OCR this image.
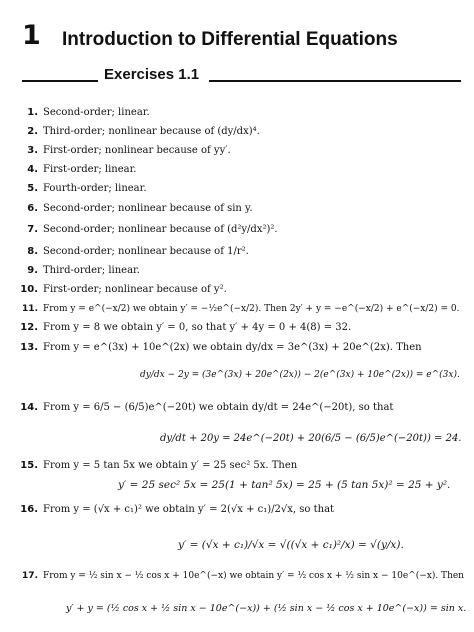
1 Introduction to Differential Equations
Exercises 1.1
1. Second-order; linear.
2. Third-order; nonlinear because of (dy/dx)⁴.
3. First-order; nonlinear because of yy′.
4. First-order; linear.
5. Fourth-order; linear.
6. Second-order; nonlinear because of sin y.
7. Second-order; nonlinear because of (d²y/dx²)².
8. Second-order; nonlinear because of 1/r².
9. Third-order; linear.
10. First-order; nonlinear because of y².
11. From y = e^(−x/2) we obtain y′ = −½e^(−x/2). Then 2y′ + y = −e^(−x/2) + e^(−x/2) = 0.
12. From y = 8 we obtain y′ = 0, so that y′ + 4y = 0 + 4(8) = 32.
13. From y = e^(3x) + 10e^(2x) we obtain dy/dx = 3e^(3x) + 20e^(2x). Then
dy/dx − 2y = (3e^(3x) + 20e^(2x)) − 2(e^(3x) + 10e^(2x)) = e^(3x).
14. From y = 6/5 − (6/5)e^(−20t) we obtain dy/dt = 24e^(−20t), so that
dy/dt + 20y = 24e^(−20t) + 20(6/5 − (6/5)e^(−20t)) = 24.
15. From y = 5 tan 5x we obtain y′ = 25 sec² 5x. Then
y′ = 25 sec² 5x = 25(1 + tan² 5x) = 25 + (5 tan 5x)² = 25 + y².
16. From y = (√x + c₁)² we obtain y′ = 2(√x + c₁)/2√x, so that
y′ = (√x + c₁)/√x = √((√x + c₁)²/x) = √(y/x).
17. From y = ½ sin x − ½ cos x + 10e^(−x) we obtain y′ = ½ cos x + ½ sin x − 10e^(−x). Then
y′ + y = (½ cos x + ½ sin x − 10e^(−x)) + (½ sin x − ½ cos x + 10e^(−x)) = sin x.
